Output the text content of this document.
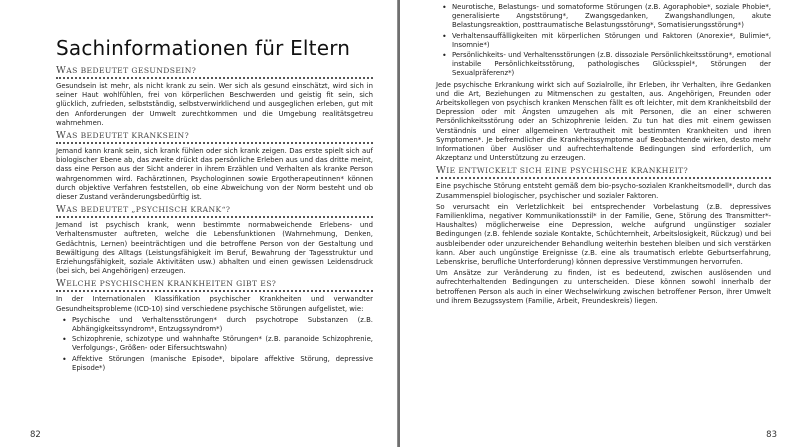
Sachinformationen für Eltern
WAS BEDEUTET GESUNDSEIN?

Gesundsein ist mehr, als nicht krank zu sein. Wer sich als gesund einschätzt, wird sich in seiner Haut wohlfühlen, frei von körperlichen Beschwerden und geistig fit sein, sich glücklich, zufrieden, selbstständig, selbstverwirklichend und ausgeglichen erleben, gut mit den Anforderungen der Umwelt zurechtkommen und die Umgebung realitätsgetreu wahrnehmen.

WAS BEDEUTET KRANKSEIN?

Jemand kann krank sein, sich krank fühlen oder sich krank zeigen. Das erste spielt sich auf biologischer Ebene ab, das zweite drückt das persönliche Erleben aus und das dritte meint, dass eine Person aus der Sicht anderer in ihrem Erzählen und Verhalten als kranke Person wahrgenommen wird. Fachärztinnen, Psychologinnen sowie Ergotherapeutinnen* können durch objektive Verfahren feststellen, ob eine Abweichung von der Norm besteht und ob dieser Zustand veränderungsbedürftig ist.

WAS BEDEUTET „PSYCHISCH KRANK“?

Jemand ist psychisch krank, wenn bestimmte normabweichende Erlebens- und Verhaltensmuster auftreten, welche die Lebensfunktionen (Wahrnehmung, Denken, Gedächtnis, Lernen) beeinträchtigen und die betroffene Person von der Gestaltung und Bewältigung des Alltags (Leistungsfähigkeit im Beruf, Bewahrung der Tagesstruktur und Erziehungsfähigkeit, soziale Aktivitäten usw.) abhalten und einen gewissen Leidensdruck (bei sich, bei Angehörigen) erzeugen.

WELCHE PSYCHISCHEN KRANKHEITEN GIBT ES?

In der Internationalen Klassifikation psychischer Krankheiten und verwandter Gesundheitsprobleme (ICD-10) sind verschiedene psychische Störungen aufgelistet, wie:

• Psychische und Verhaltensstörungen* durch psychotrope Substanzen (z.B. Abhängigkeitssyndrom*, Entzugssyndrom*)
• Schizophrenie, schizotype und wahnhafte Störungen* (z.B. paranoide Schizophrenie, Verfolgungs-, Größen- oder Eifersuchtswahn)
• Affektive Störungen (manische Episode*, bipolare affektive Störung, depressive Episode*)
82
• Neurotische, Belastungs- und somatoforme Störungen (z.B. Agoraphobie*, soziale Phobie*, generalisierte Angststörung*, Zwangsgedanken, Zwangshandlungen, akute Belastungsreaktion, posttraumatische Belastungsstörung*, Somatisierungsstörung*)
• Verhaltensauffälligkeiten mit körperlichen Störungen und Faktoren (Anorexie*, Bulimie*, Insomnie*)
• Persönlichkeits- und Verhaltensstörungen (z.B. dissoziale Persönlichkeitsstörung*, emotional instabile Persönlichkeitsstörung, pathologisches Glücksspiel*, Störungen der Sexualpräferenz*)

Jede psychische Erkrankung wirkt sich auf Sozialrolle, ihr Erleben, ihr Verhalten, ihre Gedanken und die Art, Beziehungen zu Mitmenschen zu gestalten, aus. Angehörigen, Freunden oder Arbeitskollegen von psychisch kranken Menschen fällt es oft leichter, mit dem Krankheitsbild der Depression oder mit Ängsten umzugehen als mit Personen, die an einer schweren Persönlichkeitsstörung oder an Schizophrenie leiden. Zu tun hat dies mit einem gewissen Verständnis und einer allgemeinen Vertrautheit mit bestimmten Krankheiten und ihren Symptomen*. Je befremdlicher die Krankheitssymptome auf Beobachtende wirken, desto mehr Informationen über Auslöser und aufrechterhaltende Bedingungen sind erforderlich, um Akzeptanz und Unterstützung zu erzeugen.

WIE ENTWICKELT SICH EINE PSYCHISCHE KRANKHEIT?

Eine psychische Störung entsteht gemäß dem bio-psycho-sozialen Krankheitsmodell*, durch das Zusammenspiel biologischer, psychischer und sozialer Faktoren.

So verursacht ein Verletzlichkeit bei entsprechender Vorbelastung (z.B. depressives Familienklima, negativer Kommunikationsstil* in der Familie, Gene, Störung des Transmitter*-Haushaltes) möglicherweise eine Depression, welche aufgrund ungünstiger sozialer Bedingungen (z.B. fehlende soziale Kontakte, Schüchternheit, Arbeitslosigkeit, Rückzug) und bei ausbleibender oder unzureichender Behandlung weiterhin bestehen bleiben und sich verstärken kann. Aber auch ungünstige Ereignisse (z.B. eine als traumatisch erlebte Geburtserfahrung, Lebenskrise, berufliche Unterforderung) können depressive Verstimmungen hervorrufen.

Um Ansätze zur Veränderung zu finden, ist es bedeutend, zwischen auslösenden und aufrechterhaltenden Bedingungen zu unterscheiden. Diese können sowohl innerhalb der betroffenen Person als auch in einer Wechselwirkung zwischen betroffener Person, ihrer Umwelt und ihrem Bezugssystem (Familie, Arbeit, Freundeskreis) liegen.

83
